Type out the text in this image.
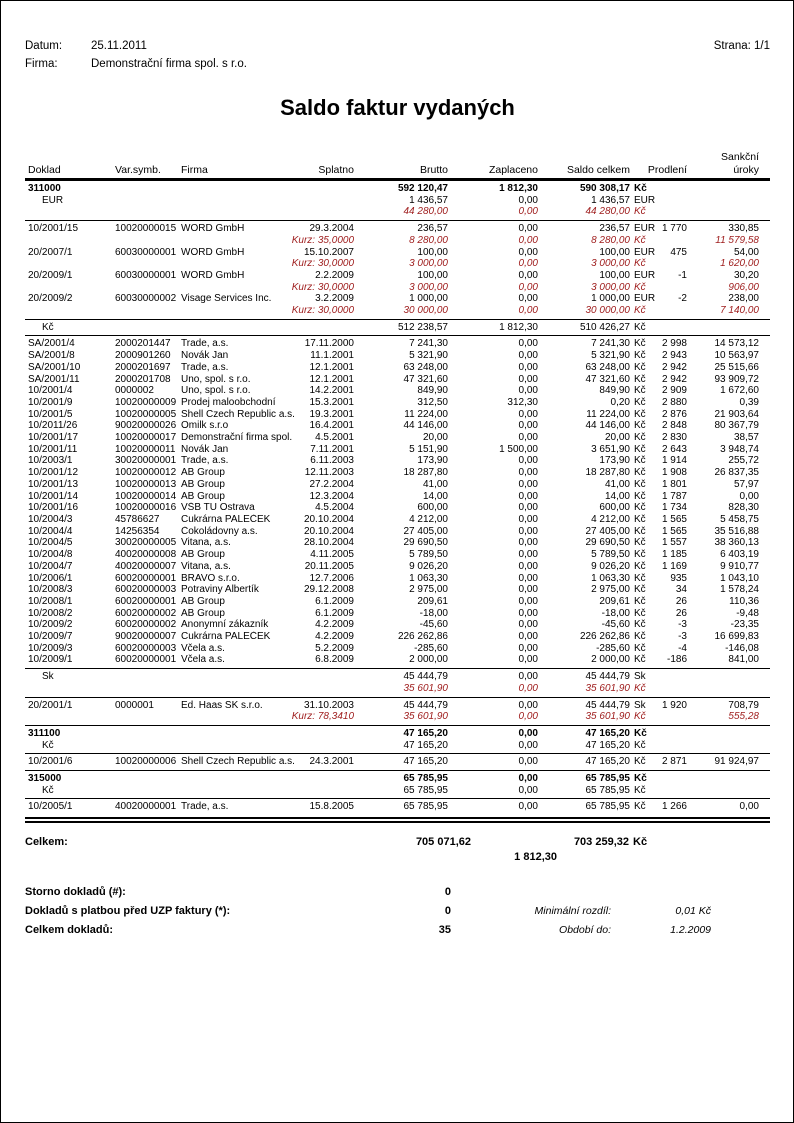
Datum:	25.11.2011
Firma:	Demonstrační firma spol. s r.o.
Strana: 1/1
Saldo faktur vydaných
Sankční
Doklad	Var.symb.	Firma	Splatno	Brutto	Zaplaceno	Saldo celkem	Prodlení	úroky
311000	592 120,47	1 812,30	590 308,17 Kč
EUR	1 436,57	0,00	1 436,57 EUR
44 280,00	0,00	44 280,00 Kč
10/2001/15	10020000015 WORD GmbH	29.3.2004	236,57	0,00	236,57 EUR 1 770	330,85
Kurz: 35,0000	8 280,00	0,00	8 280,00 Kč	11 579,58
20/2007/1	60030000001 WORD GmbH	15.10.2007	100,00	0,00	100,00 EUR	475	54,00
Kurz: 30,0000	3 000,00	0,00	3 000,00 Kč	1 620,00
20/2009/1	60030000001 WORD GmbH	2.2.2009	100,00	0,00	100,00 EUR	-1	30,20
Kurz: 30,0000	3 000,00	0,00	3 000,00 Kč	906,00
20/2009/2	60030000002 Visage Services Inc.	3.2.2009	1 000,00	0,00	1 000,00 EUR	-2	238,00
Kurz: 30,0000	30 000,00	0,00	30 000,00 Kč	7 140,00
Kč	512 238,57	1 812,30	510 426,27 Kč
SA/2001/4	2000201447	Trade, a.s.	17.11.2000	7 241,30	0,00	7 241,30 Kč	2 998	14 573,12
SA/2001/8	2000901260	Novák Jan	11.1.2001	5 321,90	0,00	5 321,90 Kč	2 943	10 563,97
SA/2001/10	2000201697	Trade, a.s.	12.1.2001	63 248,00	0,00	63 248,00 Kč	2 942	25 515,66
SA/2001/11	2000201708	Uno, spol. s r.o.	12.1.2001	47 321,60	0,00	47 321,60 Kč	2 942	93 909,72
10/2001/4	0000002	Uno, spol. s r.o.	14.2.2001	849,90	0,00	849,90 Kč	2 909	1 672,60
10/2001/9	10020000009 Prodej maloobchodní	15.3.2001	312,50	312,30	0,20 Kč	2 880	0,39
10/2001/5	10020000005 Shell Czech Republic a.s.	19.3.2001	11 224,00	0,00	11 224,00 Kč	2 876	21 903,64
10/2011/26	90020000026 Omilk s.r.o	16.4.2001	44 146,00	0,00	44 146,00 Kč	2 848	80 367,79
10/2001/17	10020000017 Demonstrační firma spol.	4.5.2001	20,00	0,00	20,00 Kč	2 830	38,57
10/2001/11	10020000011 Novák Jan	7.11.2001	5 151,90	1 500,00	3 651,90 Kč	2 643	3 948,74
10/2003/1	30020000001 Trade, a.s.	6.11.2003	173,90	0,00	173,90 Kč	1 914	255,72
10/2001/12	10020000012 AB Group	12.11.2003	18 287,80	0,00	18 287,80 Kč	1 908	26 837,35
10/2001/13	10020000013 AB Group	27.2.2004	41,00	0,00	41,00 Kč	1 801	57,97
10/2001/14	10020000014 AB Group	12.3.2004	14,00	0,00	14,00 Kč	1 787	0,00
10/2001/16	10020000016 VŠB TU Ostrava	4.5.2004	600,00	0,00	600,00 Kč	1 734	828,30
10/2004/3	45786627	Cukrárna PALEČEK	20.10.2004	4 212,00	0,00	4 212,00 Kč	1 565	5 458,75
10/2004/4	14256354	Čokoládovny a.s.	20.10.2004	27 405,00	0,00	27 405,00 Kč	1 565	35 516,88
10/2004/5	30020000005 Vitana, a.s.	28.10.2004	29 690,50	0,00	29 690,50 Kč	1 557	38 360,13
10/2004/8	40020000008 AB Group	4.11.2005	5 789,50	0,00	5 789,50 Kč	1 185	6 403,19
10/2004/7	40020000007 Vitana, a.s.	20.11.2005	9 026,20	0,00	9 026,20 Kč	1 169	9 910,77
10/2006/1	60020000001 BRAVO s.r.o.	12.7.2006	1 063,30	0,00	1 063,30 Kč	935	1 043,10
10/2008/3	60020000003 Potraviny Albertík	29.12.2008	2 975,00	0,00	2 975,00 Kč	34	1 578,24
10/2008/1	60020000001 AB Group	6.1.2009	209,61	0,00	209,61 Kč	26	110,36
10/2008/2	60020000002 AB Group	6.1.2009	-18,00	0,00	-18,00 Kč	26	-9,48
10/2009/2	60020000002 Anonymní zákazník	4.2.2009	-45,60	0,00	-45,60 Kč	-3	-23,35
10/2009/7	90020000007 Cukrárna PALEČEK	4.2.2009	226 262,86	0,00	226 262,86 Kč	-3	16 699,83
10/2009/3	60020000003 Včela a.s.	5.2.2009	-285,60	0,00	-285,60 Kč	-4	-146,08
10/2009/1	60020000001 Včela a.s.	6.8.2009	2 000,00	0,00	2 000,00 Kč	-186	841,00
Sk	45 444,79	0,00	45 444,79 Sk
35 601,90	0,00	35 601,90 Kč
20/2001/1	0000001	Ed. Haas SK s.r.o.	31.10.2003	45 444,79	0,00	45 444,79 Sk	1 920	708,79
Kurz: 78,3410	35 601,90	0,00	35 601,90 Kč	555,28
311100	47 165,20	0,00	47 165,20 Kč
Kč	47 165,20	0,00	47 165,20 Kč
10/2001/6	10020000006 Shell Czech Republic a.s.	24.3.2001	47 165,20	0,00	47 165,20 Kč	2 871	91 924,97
315000	65 785,95	0,00	65 785,95 Kč
Kč	65 785,95	0,00	65 785,95 Kč
10/2005/1	40020000001 Trade, a.s.	15.8.2005	65 785,95	0,00	65 785,95 Kč	1 266	0,00
Celkem:	705 071,62	703 259,32 Kč
1 812,30
Storno dokladů (#):	0
Dokladů s platbou před UZP faktury (*):	0	Minimální rozdíl:	0,01 Kč
Celkem dokladů:	35	Období do:	1.2.2009
